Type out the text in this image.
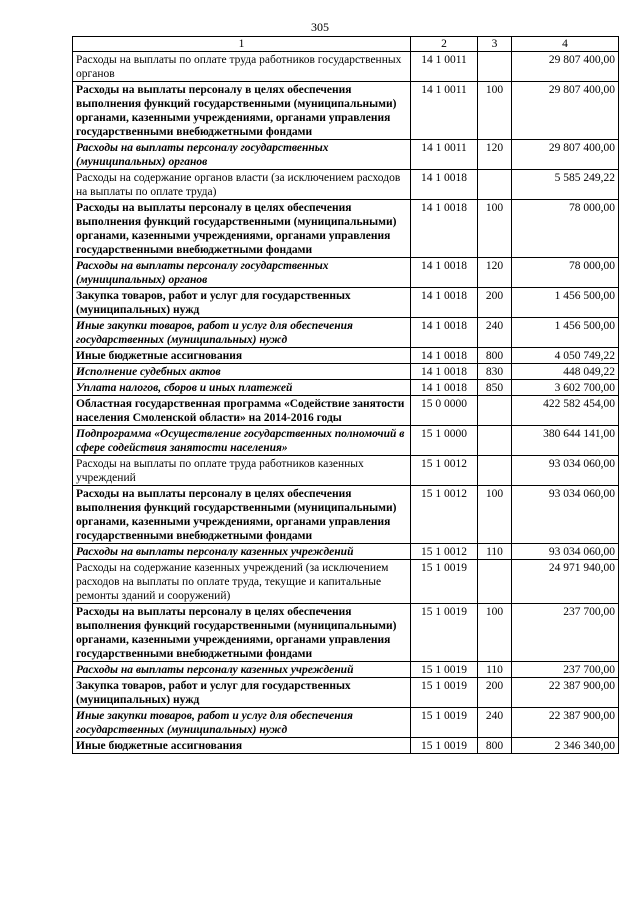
305
1	2	3	4
Расходы на выплаты по оплате труда работников государственных органов	14 1 0011		29 807 400,00
Расходы на выплаты персоналу в целях обеспечения выполнения функций государственными (муниципальными) органами, казенными учреждениями, органами управления государственными внебюджетными фондами	14 1 0011	100	29 807 400,00
Расходы на выплаты персоналу государственных (муниципальных) органов	14 1 0011	120	29 807 400,00
Расходы на содержание органов власти (за исключением расходов на выплаты по оплате труда)	14 1 0018		5 585 249,22
Расходы на выплаты персоналу в целях обеспечения выполнения функций государственными (муниципальными) органами, казенными учреждениями, органами управления государственными внебюджетными фондами	14 1 0018	100	78 000,00
Расходы на выплаты персоналу государственных (муниципальных) органов	14 1 0018	120	78 000,00
Закупка товаров, работ и услуг для государственных (муниципальных) нужд	14 1 0018	200	1 456 500,00
Иные закупки товаров, работ и услуг для обеспечения государственных (муниципальных) нужд	14 1 0018	240	1 456 500,00
Иные бюджетные ассигнования	14 1 0018	800	4 050 749,22
Исполнение судебных актов	14 1 0018	830	448 049,22
Уплата налогов, сборов и иных платежей	14 1 0018	850	3 602 700,00
Областная государственная программа «Содействие занятости населения Смоленской области» на 2014-2016 годы	15 0 0000		422 582 454,00
Подпрограмма «Осуществление государственных полномочий в сфере содействия занятости населения»	15 1 0000		380 644 141,00
Расходы на выплаты по оплате труда работников казенных учреждений	15 1 0012		93 034 060,00
Расходы на выплаты персоналу в целях обеспечения выполнения функций государственными (муниципальными) органами, казенными учреждениями, органами управления государственными внебюджетными фондами	15 1 0012	100	93 034 060,00
Расходы на выплаты персоналу казенных учреждений	15 1 0012	110	93 034 060,00
Расходы на содержание казенных учреждений (за исключением расходов на выплаты по оплате труда, текущие и капитальные ремонты зданий и сооружений)	15 1 0019		24 971 940,00
Расходы на выплаты персоналу в целях обеспечения выполнения функций государственными (муниципальными) органами, казенными учреждениями, органами управления государственными внебюджетными фондами	15 1 0019	100	237 700,00
Расходы на выплаты персоналу казенных учреждений	15 1 0019	110	237 700,00
Закупка товаров, работ и услуг для государственных (муниципальных) нужд	15 1 0019	200	22 387 900,00
Иные закупки товаров, работ и услуг для обеспечения государственных (муниципальных) нужд	15 1 0019	240	22 387 900,00
Иные бюджетные ассигнования	15 1 0019	800	2 346 340,00
